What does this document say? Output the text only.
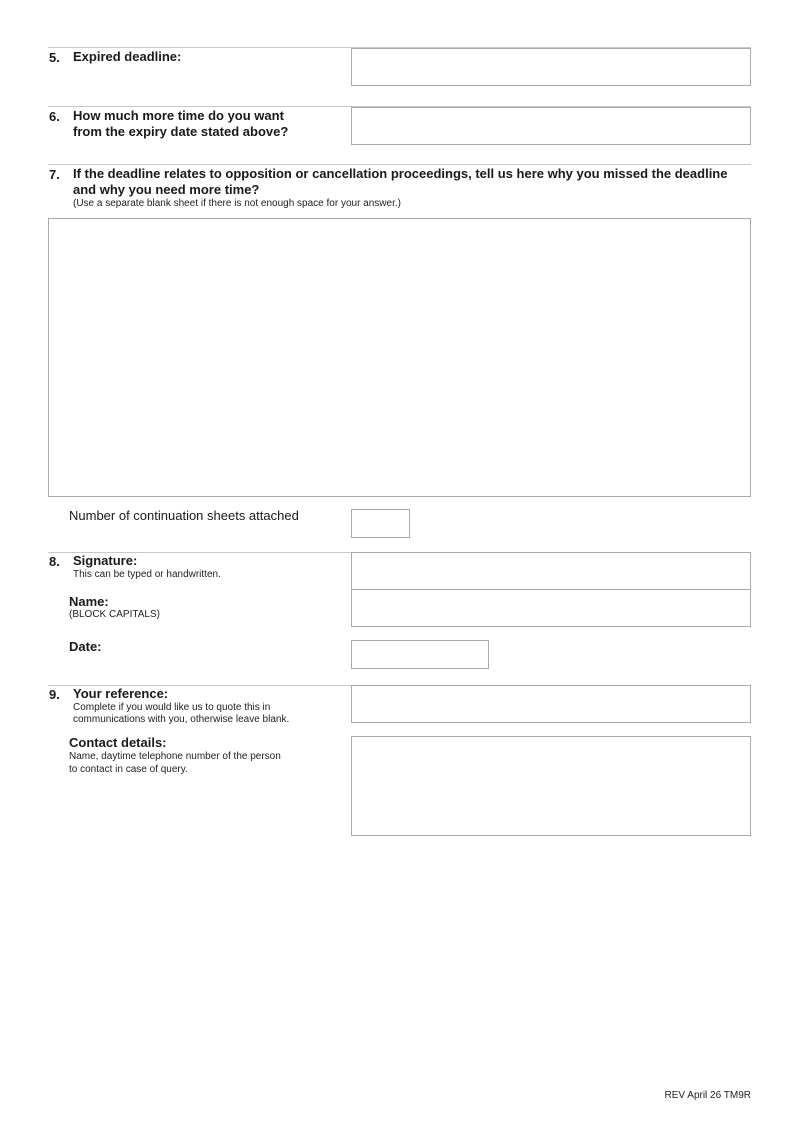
5. Expired deadline:
6. How much more time do you want
from the expiry date stated above?
7. If the deadline relates to opposition or cancellation proceedings, tell us here why you missed the deadline
and why you need more time?
(Use a separate blank sheet if there is not enough space for your answer.)
Number of continuation sheets attached
8. Signature:
This can be typed or handwritten.
Name:
(BLOCK CAPITALS)
Date:
9. Your reference:
Complete if you would like us to quote this in
communications with you, otherwise leave blank.
Contact details:
Name, daytime telephone number of the person
to contact in case of query.
REV April 26 TM9R
